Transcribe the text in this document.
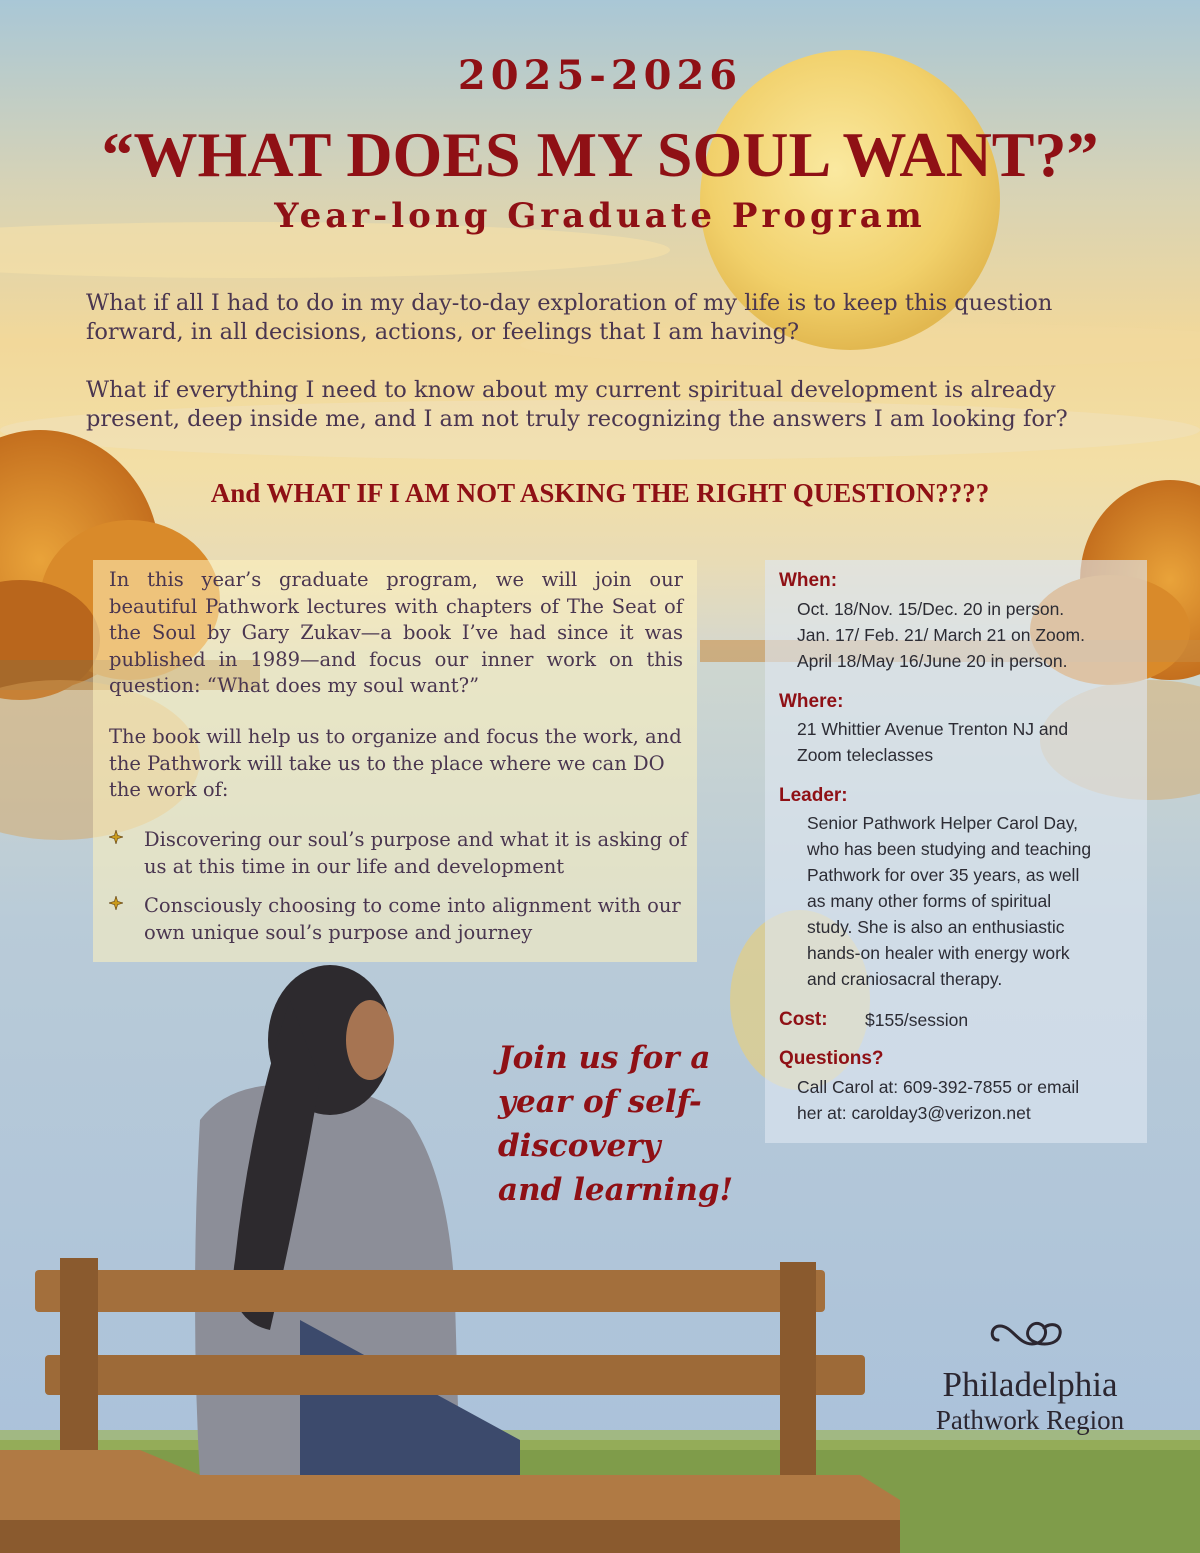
2025-2026
“WHAT DOES MY SOUL WANT?”
Year-long Graduate Program

What if all I had to do in my day-to-day exploration of my life is to keep this question forward, in all decisions, actions, or feelings that I am having?

What if everything I need to know about my current spiritual development is already present, deep inside me, and I am not truly recognizing the answers I am looking for?

And WHAT IF I AM NOT ASKING THE RIGHT QUESTION????

In this year’s graduate program, we will join our beautiful Pathwork lectures with chapters of The Seat of the Soul by Gary Zukav—a book I’ve had since it was published in 1989—and focus our inner work on this question: “What does my soul want?”

The book will help us to organize and focus the work, and the Pathwork will take us to the place where we can DO the work of:

Discovering our soul’s purpose and what it is asking of us at this time in our life and development
Consciously choosing to come into alignment with our own unique soul’s purpose and journey
When:

Oct. 18/Nov. 15/Dec. 20 in person.

Jan. 17/ Feb. 21/ March 21 on Zoom.

April 18/May 16/June 20 in person.

Where:

21 Whittier Avenue Trenton NJ and

Zoom teleclasses

Leader:

Senior Pathwork Helper Carol Day,

who has been studying and teaching

Pathwork for over 35 years, as well

as many other forms of spiritual

study. She is also an enthusiastic

hands-on healer with energy work

and craniosacral therapy.

Cost: $155/session

Questions?

Call Carol at: 609-392-7855 or email

her at: carolday3@verizon.net

Join us for a
year of self-
discovery
and learning!
Philadelphia
Pathwork Region
